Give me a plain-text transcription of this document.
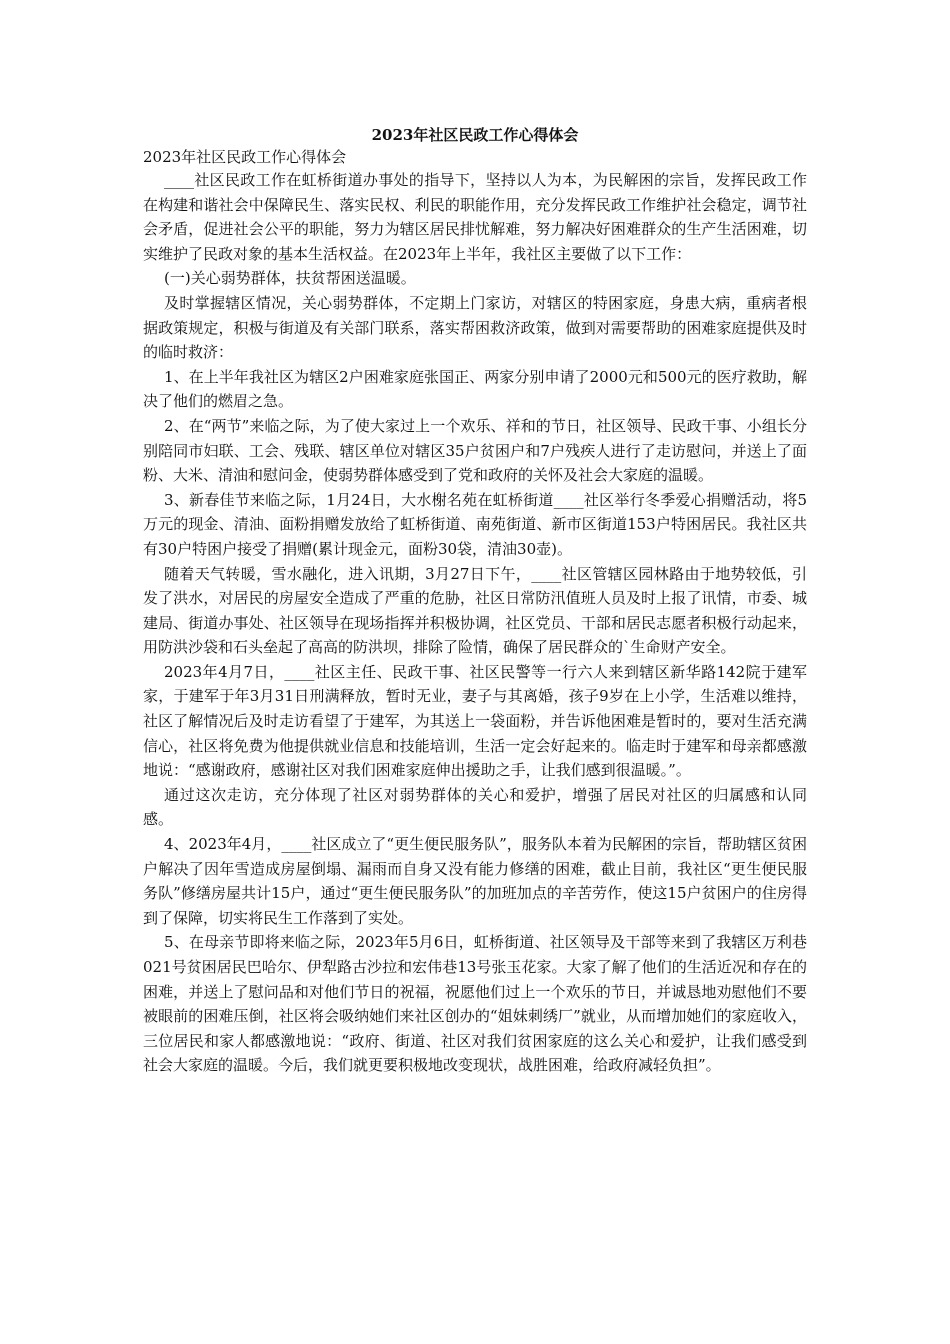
2023年社区民政工作心得体会

2023年社区民政工作心得体会

____社区民政工作在虹桥街道办事处的指导下，坚持以人为本，为民解困的宗旨，发挥民政工作在构建和谐社会中保障民生、落实民权、利民的职能作用，充分发挥民政工作维护社会稳定，调节社会矛盾，促进社会公平的职能，努力为辖区居民排忧解难，努力解决好困难群众的生产生活困难，切实维护了民政对象的基本生活权益。在2023年上半年，我社区主要做了以下工作：

(一)关心弱势群体，扶贫帮困送温暖。

及时掌握辖区情况，关心弱势群体，不定期上门家访，对辖区的特困家庭，身患大病，重病者根据政策规定，积极与街道及有关部门联系，落实帮困救济政策，做到对需要帮助的困难家庭提供及时的临时救济：

1、在上半年我社区为辖区2户困难家庭张国正、两家分别申请了2000元和500元的医疗救助，解决了他们的燃眉之急。

2、在“两节”来临之际，为了使大家过上一个欢乐、祥和的节日，社区领导、民政干事、小组长分别陪同市妇联、工会、残联、辖区单位对辖区35户贫困户和7户残疾人进行了走访慰问，并送上了面粉、大米、清油和慰问金，使弱势群体感受到了党和政府的关怀及社会大家庭的温暖。

3、新春佳节来临之际，1月24日，大水榭名苑在虹桥街道____社区举行冬季爱心捐赠活动，将5万元的现金、清油、面粉捐赠发放给了虹桥街道、南苑街道、新市区街道153户特困居民。我社区共有30户特困户接受了捐赠(累计现金元，面粉30袋，清油30壶)。

随着天气转暖，雪水融化，进入讯期，3月27日下午，____社区管辖区园林路由于地势较低，引发了洪水，对居民的房屋安全造成了严重的危胁，社区日常防汛值班人员及时上报了讯情，市委、城建局、街道办事处、社区领导在现场指挥并积极协调，社区党员、干部和居民志愿者积极行动起来，用防洪沙袋和石头垒起了高高的防洪坝，排除了险情，确保了居民群众的`生命财产安全。

2023年4月7日，____社区主任、民政干事、社区民警等一行六人来到辖区新华路142院于建军家，于建军于年3月31日刑满释放，暂时无业，妻子与其离婚，孩子9岁在上小学，生活难以维持，社区了解情况后及时走访看望了于建军，为其送上一袋面粉，并告诉他困难是暂时的，要对生活充满信心，社区将免费为他提供就业信息和技能培训，生活一定会好起来的。临走时于建军和母亲都感激地说：“感谢政府，感谢社区对我们困难家庭伸出援助之手，让我们感到很温暖。”。

通过这次走访，充分体现了社区对弱势群体的关心和爱护，增强了居民对社区的归属感和认同感。

4、2023年4月，____社区成立了“更生便民服务队”，服务队本着为民解困的宗旨，帮助辖区贫困户解决了因年雪造成房屋倒塌、漏雨而自身又没有能力修缮的困难，截止目前，我社区“更生便民服务队”修缮房屋共计15户，通过“更生便民服务队”的加班加点的辛苦劳作，使这15户贫困户的住房得到了保障，切实将民生工作落到了实处。

5、在母亲节即将来临之际，2023年5月6日，虹桥街道、社区领导及干部等来到了我辖区万利巷021号贫困居民巴哈尔、伊犁路古沙拉和宏伟巷13号张玉花家。大家了解了他们的生活近况和存在的困难，并送上了慰问品和对他们节日的祝福，祝愿他们过上一个欢乐的节日，并诚恳地劝慰他们不要被眼前的困难压倒，社区将会吸纳她们来社区创办的“姐妹刺绣厂”就业，从而增加她们的家庭收入，三位居民和家人都感激地说：“政府、街道、社区对我们贫困家庭的这么关心和爱护，让我们感受到社会大家庭的温暖。今后，我们就更要积极地改变现状，战胜困难，给政府减轻负担”。
